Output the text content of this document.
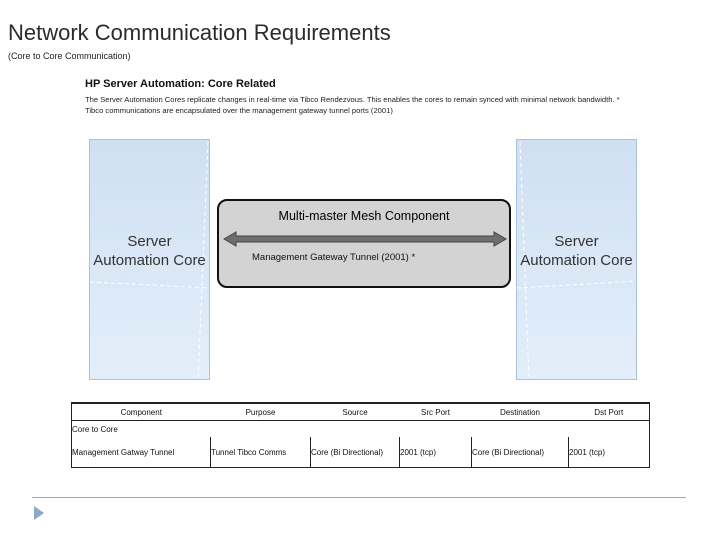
Network Communication Requirements
(Core to Core Communication)
HP Server Automation: Core Related
The Server Automation Cores replicate changes in real-time via Tibco Rendezvous. This enables the cores to remain synced with minimal network bandwidth. * Tibco communications are encapsulated over the management gateway tunnel ports (2001)
Server Automation Core
Server Automation Core
Multi-master Mesh Component
Management Gateway Tunnel (2001) *
Component	Purpose	Source	Src Port	Destination	Dst Port
Core to Core					
Management Gatway Tunnel	Tunnel Tibco Comms	Core (Bi Directional)	2001 (tcp)	Core (Bi Directional)	2001 (tcp)
